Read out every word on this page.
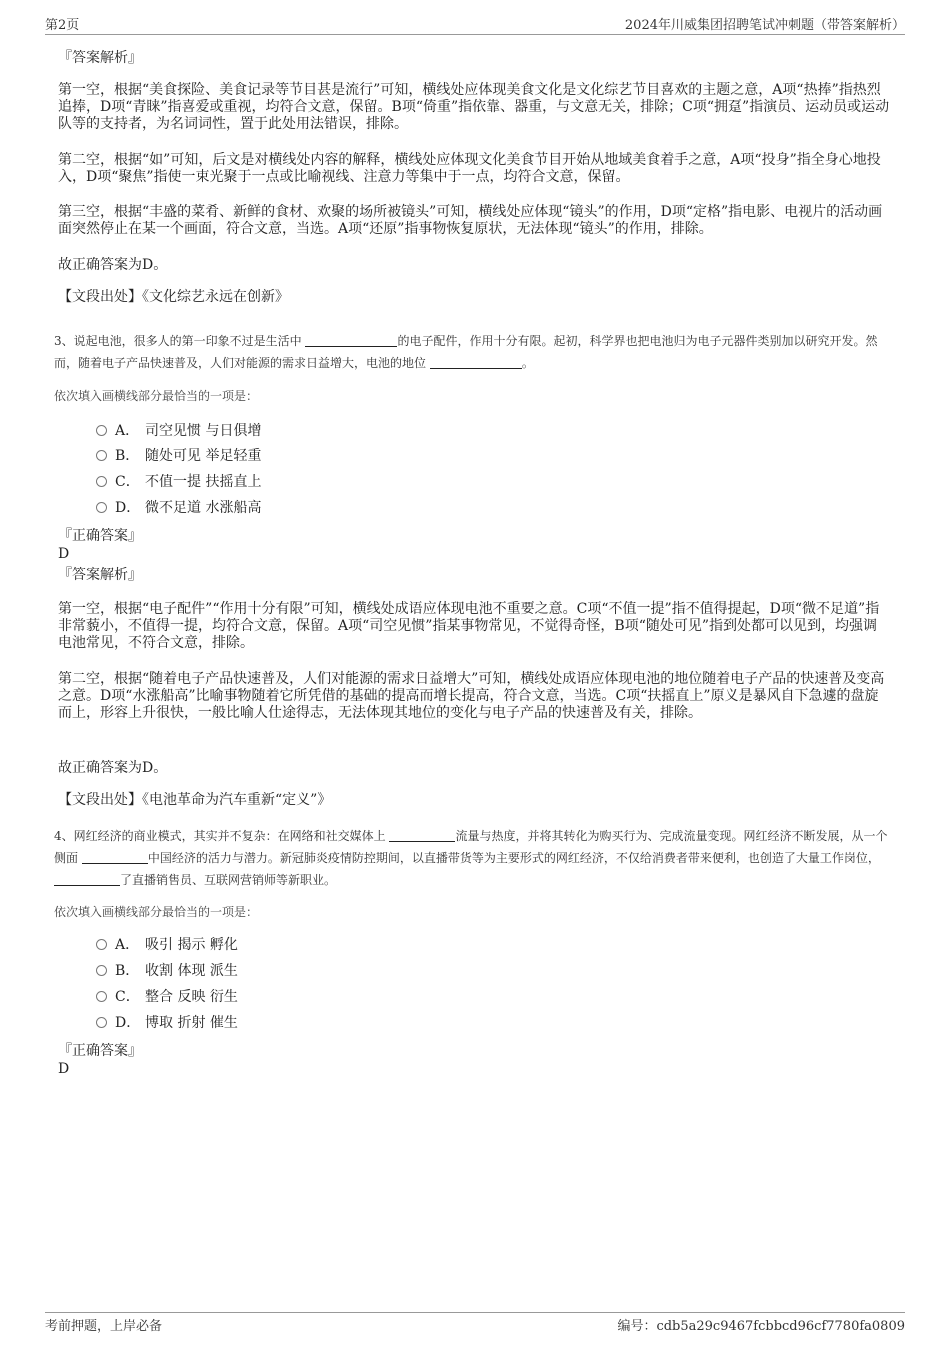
第2页	2024年川威集团招聘笔试冲刺题（带答案解析）
『答案解析』
第一空，根据“美食探险、美食记录等节目甚是流行”可知，横线处应体现美食文化是文化综艺节目喜欢的主题之意，A项“热捧”指热烈追捧，D项“青睐”指喜爱或重视，均符合文意，保留。B项“倚重”指依靠、器重，与文意无关，排除；C项“拥趸”指演员、运动员或运动队等的支持者，为名词词性，置于此处用法错误，排除。
第二空，根据“如”可知，后文是对横线处内容的解释，横线处应体现文化美食节目开始从地域美食着手之意，A项“投身”指全身心地投入，D项“聚焦”指使一束光聚于一点或比喻视线、注意力等集中于一点，均符合文意，保留。
第三空，根据“丰盛的菜肴、新鲜的食材、欢聚的场所被镜头”可知，横线处应体现“镜头”的作用，D项“定格”指电影、电视片的活动画面突然停止在某一个画面，符合文意，当选。A项“还原”指事物恢复原状，无法体现“镜头”的作用，排除。
故正确答案为D。
【文段出处】《文化综艺永远在创新》
3、说起电池，很多人的第一印象不过是生活中	的电子配件，作用十分有限。起初，科学界也把电池归为电子元器件类别加以研究开发。然而，随着电子产品快速普及，人们对能源的需求日益增大，电池的地位	。
依次填入画横线部分最恰当的一项是：
A． 司空见惯 与日俱增
B． 随处可见 举足轻重
C． 不值一提 扶摇直上
D． 微不足道 水涨船高
『正确答案』
D
『答案解析』
第一空，根据“电子配件”“作用十分有限”可知，横线处成语应体现电池不重要之意。C项“不值一提”指不值得提起，D项“微不足道”指非常藐小，不值得一提，均符合文意，保留。A项“司空见惯”指某事物常见，不觉得奇怪，B项“随处可见”指到处都可以见到，均强调电池常见，不符合文意，排除。
第二空，根据“随着电子产品快速普及，人们对能源的需求日益增大”可知，横线处成语应体现电池的地位随着电子产品的快速普及变高之意。D项“水涨船高”比喻事物随着它所凭借的基础的提高而增长提高，符合文意，当选。C项“扶摇直上”原义是暴风自下急遽的盘旋而上，形容上升很快，一般比喻人仕途得志，无法体现其地位的变化与电子产品的快速普及有关，排除。
故正确答案为D。
【文段出处】《电池革命为汽车重新“定义”》
4、网红经济的商业模式，其实并不复杂：在网络和社交媒体上	流量与热度，并将其转化为购买行为、完成流量变现。网红经济不断发展，从一个侧面	中国经济的活力与潜力。新冠肺炎疫情防控期间，以直播带货等为主要形式的网红经济，不仅给消费者带来便利，也创造了大量工作岗位， 了直播销售员、互联网营销师等新职业。
依次填入画横线部分最恰当的一项是：
A． 吸引 揭示 孵化
B． 收割 体现 派生
C． 整合 反映 衍生
D． 博取 折射 催生
『正确答案』
D
考前押题，上岸必备	编号：cdb5a29c9467fcbbcd96cf7780fa0809
